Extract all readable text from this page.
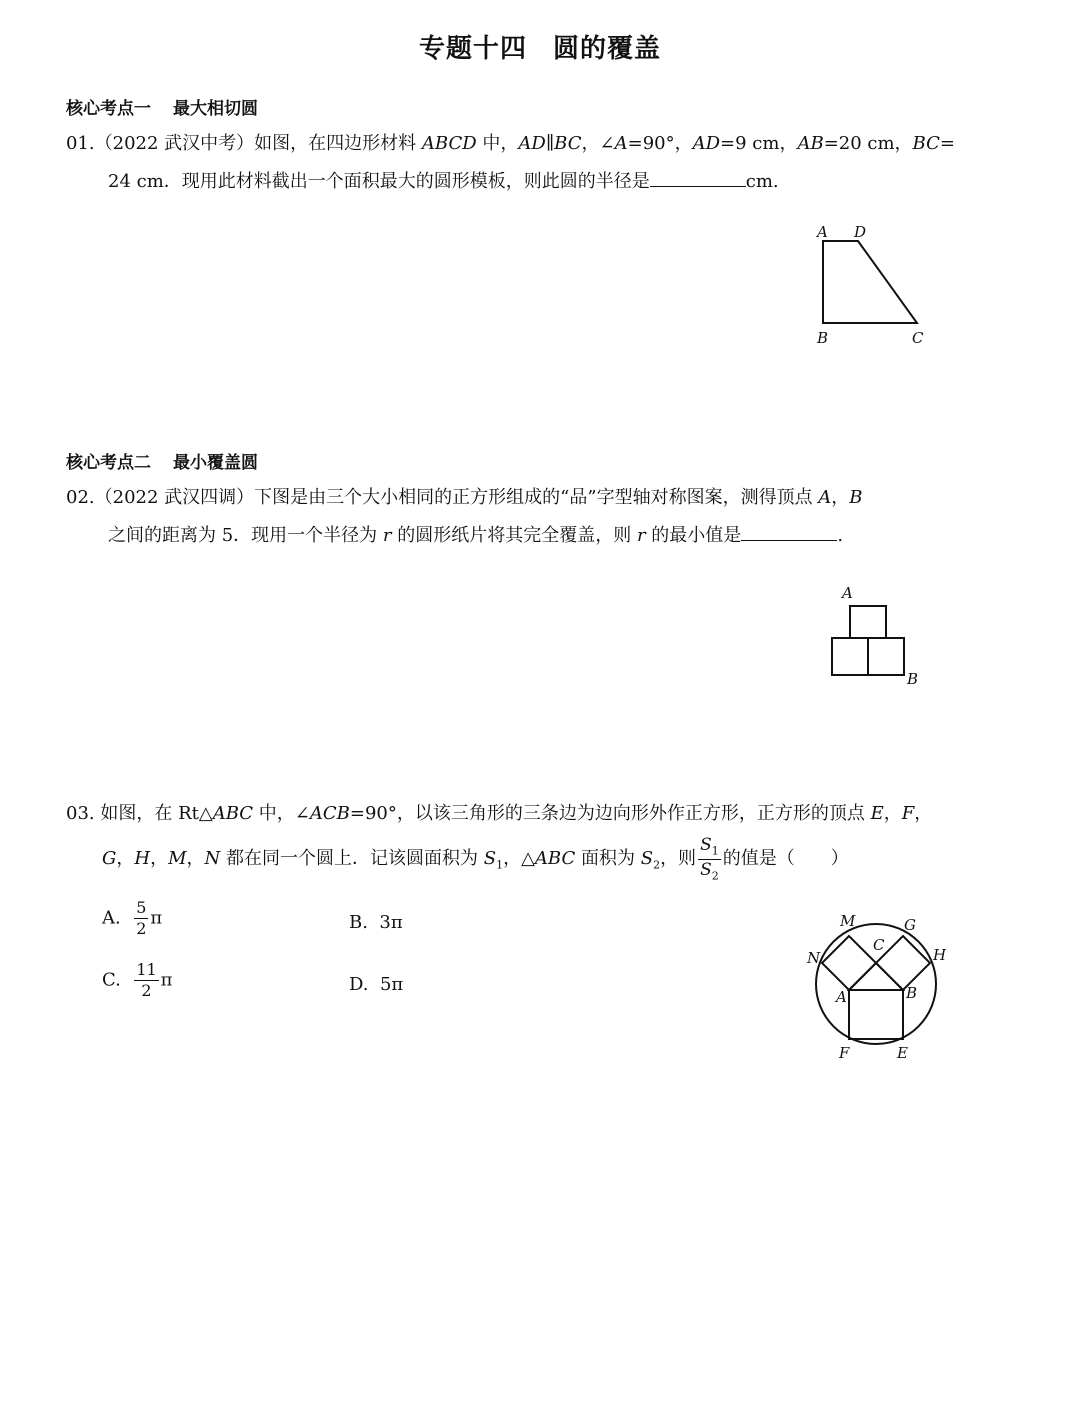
专题十四 圆的覆盖
核心考点一 最大相切圆
01.（2022 武汉中考）如图，在四边形材料 ABCD 中，AD∥BC，∠A=90°，AD=9 cm，AB=20 cm，BC=
24 cm．现用此材料截出一个面积最大的圆形模板，则此圆的半径是	cm.
A D
B	C
核心考点二 最小覆盖圆
02.（2022 武汉四调）下图是由三个大小相同的正方形组成的“品”字型轴对称图案，测得顶点 A，B
之间的距离为 5．现用一个半径为 r 的圆形纸片将其完全覆盖，则 r 的最小值是	.
A
B
03. 如图，在 Rt△ABC 中，∠ACB=90°，以该三角形的三条边为边向形外作正方形，正方形的顶点 E，F，
G，H，M，N 都在同一个圆上．记该圆面积为 $S_1$，△ABC 面积为 $S_2$，则 $\frac{S_1}{S_2}$ 的值是（　　）
A. $\frac{5}{2}$ π	B. 3π
C. $\frac{11}{2}$ π	D. 5π
M	G
C
N	H
A	B
F	E
